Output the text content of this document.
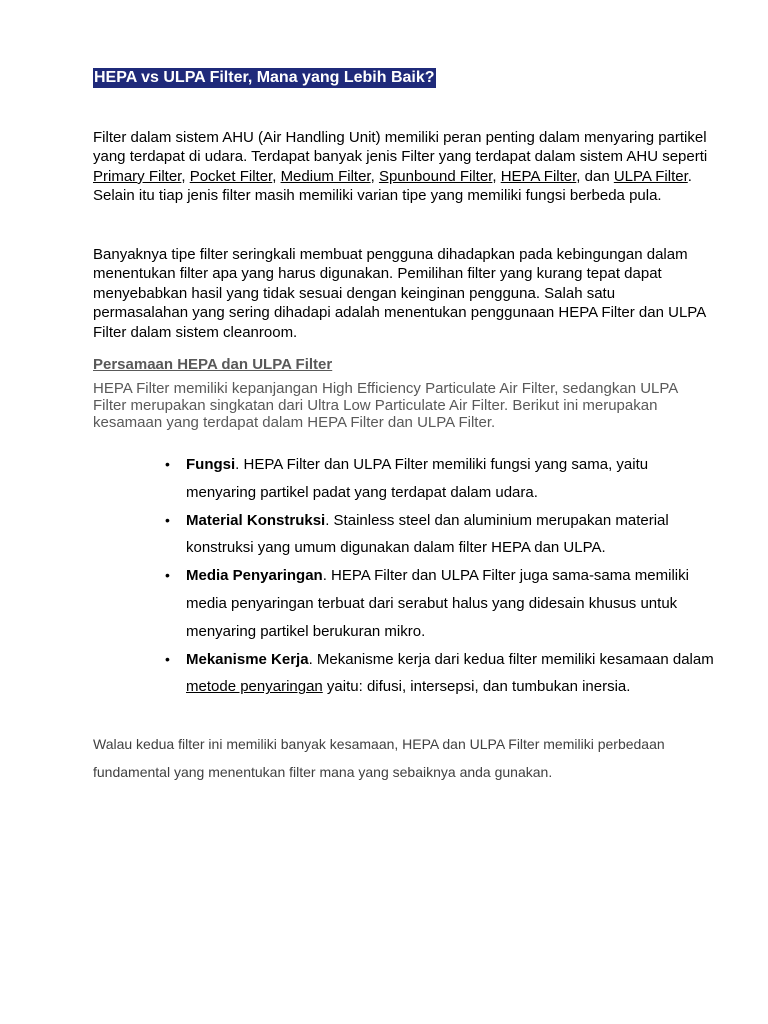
HEPA vs ULPA Filter, Mana yang Lebih Baik?

Filter dalam sistem AHU (Air Handling Unit) memiliki peran penting dalam menyaring partikel yang terdapat di udara. Terdapat banyak jenis Filter yang terdapat dalam sistem AHU seperti Primary Filter, Pocket Filter, Medium Filter, Spunbound Filter, HEPA Filter, dan ULPA Filter. Selain itu tiap jenis filter masih memiliki varian tipe yang memiliki fungsi berbeda pula.

Banyaknya tipe filter seringkali membuat pengguna dihadapkan pada kebingungan dalam menentukan filter apa yang harus digunakan. Pemilihan filter yang kurang tepat dapat menyebabkan hasil yang tidak sesuai dengan keinginan pengguna. Salah satu permasalahan yang sering dihadapi adalah menentukan penggunaan HEPA Filter dan ULPA Filter dalam sistem cleanroom.

Persamaan HEPA dan ULPA Filter

HEPA Filter memiliki kepanjangan High Efficiency Particulate Air Filter, sedangkan ULPA Filter merupakan singkatan dari Ultra Low Particulate Air Filter. Berikut ini merupakan kesamaan yang terdapat dalam HEPA Filter dan ULPA Filter.

• Fungsi. HEPA Filter dan ULPA Filter memiliki fungsi yang sama, yaitu menyaring partikel padat yang terdapat dalam udara.
• Material Konstruksi. Stainless steel dan aluminium merupakan material konstruksi yang umum digunakan dalam filter HEPA dan ULPA.
• Media Penyaringan. HEPA Filter dan ULPA Filter juga sama-sama memiliki media penyaringan terbuat dari serabut halus yang didesain khusus untuk menyaring partikel berukuran mikro.
• Mekanisme Kerja. Mekanisme kerja dari kedua filter memiliki kesamaan dalam metode penyaringan yaitu: difusi, intersepsi, dan tumbukan inersia.

Walau kedua filter ini memiliki banyak kesamaan, HEPA dan ULPA Filter memiliki perbedaan fundamental yang menentukan filter mana yang sebaiknya anda gunakan.
